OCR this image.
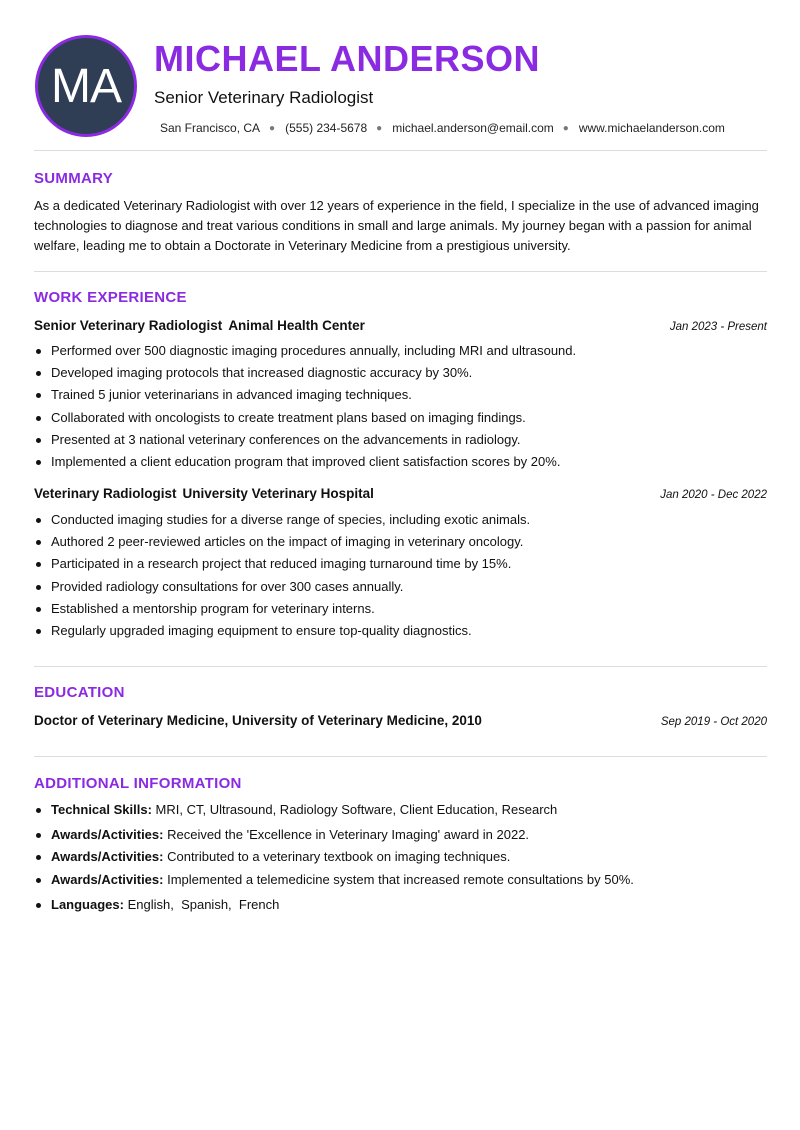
MA
MICHAEL ANDERSON
Senior Veterinary Radiologist
San Francisco, CA ● (555) 234-5678 ● michael.anderson@email.com ● www.michaelanderson.com
SUMMARY

As a dedicated Veterinary Radiologist with over 12 years of experience in the field, I specialize in the use of advanced imaging technologies to diagnose and treat various conditions in small and large animals. My journey began with a passion for animal welfare, leading me to obtain a Doctorate in Veterinary Medicine from a prestigious university.

WORK EXPERIENCE
Senior Veterinary Radiologist Animal Health Center	Jan 2023 - Present
Performed over 500 diagnostic imaging procedures annually, including MRI and ultrasound.
Developed imaging protocols that increased diagnostic accuracy by 30%.
Trained 5 junior veterinarians in advanced imaging techniques.
Collaborated with oncologists to create treatment plans based on imaging findings.
Presented at 3 national veterinary conferences on the advancements in radiology.
Implemented a client education program that improved client satisfaction scores by 20%.
Veterinary Radiologist University Veterinary Hospital	Jan 2020 - Dec 2022
Conducted imaging studies for a diverse range of species, including exotic animals.
Authored 2 peer-reviewed articles on the impact of imaging in veterinary oncology.
Participated in a research project that reduced imaging turnaround time by 15%.
Provided radiology consultations for over 300 cases annually.
Established a mentorship program for veterinary interns.
Regularly upgraded imaging equipment to ensure top-quality diagnostics.
EDUCATION
Doctor of Veterinary Medicine, University of Veterinary Medicine, 2010	Sep 2019 - Oct 2020
ADDITIONAL INFORMATION
Technical Skills: MRI, CT, Ultrasound, Radiology Software, Client Education, Research
Awards/Activities: Received the 'Excellence in Veterinary Imaging' award in 2022.
Awards/Activities: Contributed to a veterinary textbook on imaging techniques.
Awards/Activities: Implemented a telemedicine system that increased remote consultations by 50%.
Languages: English,  Spanish,  French
